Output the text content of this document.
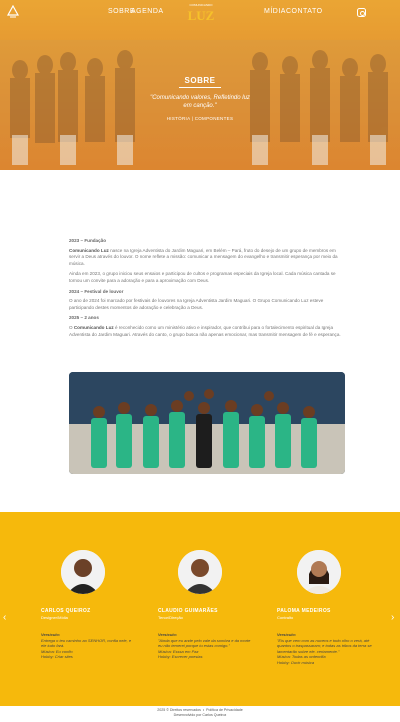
SOBRE
AGENDA
COMUNICANDO
LUZ	MÍDIA CONTATO
SOBRE
"Comunicando valores, Refletindo luz em canção."
HISTÓRIA | COMPONENTES
2023 – Fundação

Comunicando Luz nasce na Igreja Adventista do Jardim Maguari, em Belém – Pará, fruto do desejo de um grupo de membros em servir a Deus através do louvor. O nome reflete a missão: comunicar a mensagem do evangelho e transmitir esperança por meio da música.

Ainda em 2023, o grupo iniciou seus ensaios e participou de cultos e programas especiais da Igreja local. Cada música cantada se tornou um convite para a adoração e para a aproximação com Deus.

2024 – Festival de louvor

O ano de 2024 foi marcado por festivais de louvores na Igreja Adventista Jardim Maguari. O Grupo Comunicando Luz esteve participando destes momentos de adoração e celebração a Deus.

2025 – 2 anos

O Comunicando Luz é reconhecido como um ministério ativo e inspirador, que contribui para o fortalecimento espiritual da Igreja Adventista do Jardim Maguari. Através do canto, o grupo busca não apenas emocionar, mas transmitir mensagem de fé e esperança.

‹
CARLOS QUEIROZ
Designer/Mídia
Versículo:
Entrega o teu caminho ao SENHOR, confia nele, e ele tudo fará.
Música: Eu confio
Hobby: Criar sites
CLAUDIO GUIMARÃES
Tenor/Direção
Versículo:
"Ainda que eu ande pelo vale da sombra e da morte eu não temerei porque tu estas comigo."
Música: Esssa em Paz
Hobby: Escrever poesias
PALOMA MEDEIROS
Contralto
Versículo:
"Eis que vem com as nuvens e todo olho o verá, até quantos o traspassaram; e todas as tribos da terra se lamentarão sobre ele. certamente."
Música: Todas as ordenrilla
Hobby: Ouvir música
›
2025 © Direitos reservados • Política de Privacidade
Desenvolvido por Carlos Queiroz
